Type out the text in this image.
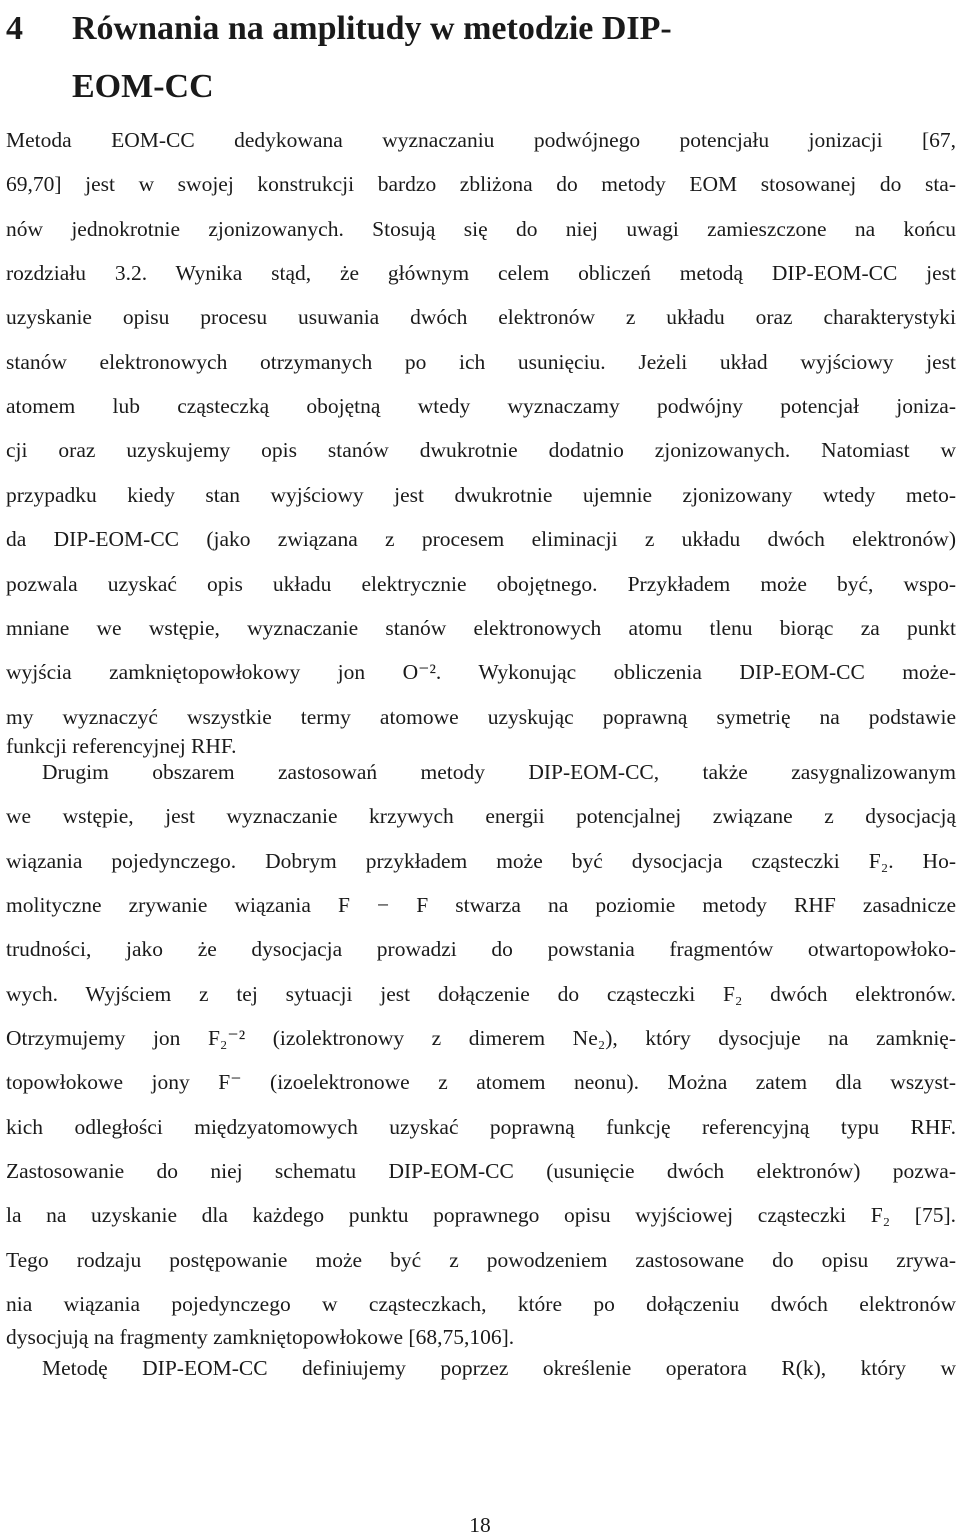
4 Równania na amplitudy w metodzie DIP-
EOM-CC
Metoda EOM-CC dedykowana wyznaczaniu podwójnego potencjału jonizacji [67,
69,70] jest w swojej konstrukcji bardzo zbliżona do metody EOM stosowanej do sta-
nów jednokrotnie zjonizowanych. Stosują się do niej uwagi zamieszczone na końcu
rozdziału 3.2. Wynika stąd, że głównym celem obliczeń metodą DIP-EOM-CC jest
uzyskanie opisu procesu usuwania dwóch elektronów z układu oraz charakterystyki
stanów elektronowych otrzymanych po ich usunięciu. Jeżeli układ wyjściowy jest
atomem lub cząsteczką obojętną wtedy wyznaczamy podwójny potencjał joniza-
cji oraz uzyskujemy opis stanów dwukrotnie dodatnio zjonizowanych. Natomiast w
przypadku kiedy stan wyjściowy jest dwukrotnie ujemnie zjonizowany wtedy meto-
da DIP-EOM-CC (jako związana z procesem eliminacji z układu dwóch elektronów)
pozwala uzyskać opis układu elektrycznie obojętnego. Przykładem może być, wspo-
mniane we wstępie, wyznaczanie stanów elektronowych atomu tlenu biorąc za punkt
wyjścia zamkniętopowłokowy jon O⁻². Wykonując obliczenia DIP-EOM-CC może-
my wyznaczyć wszystkie termy atomowe uzyskując poprawną symetrię na podstawie
funkcji referencyjnej RHF.
Drugim obszarem zastosowań metody DIP-EOM-CC, także zasygnalizowanym
we wstępie, jest wyznaczanie krzywych energii potencjalnej związane z dysocjacją
wiązania pojedynczego. Dobrym przykładem może być dysocjacja cząsteczki F₂. Ho-
molityczne zrywanie wiązania F − F stwarza na poziomie metody RHF zasadnicze
trudności, jako że dysocjacja prowadzi do powstania fragmentów otwartopowłoko-
wych. Wyjściem z tej sytuacji jest dołączenie do cząsteczki F₂ dwóch elektronów.
Otrzymujemy jon F₂⁻² (izolektronowy z dimerem Ne₂), który dysocjuje na zamknię-
topowłokowe jony F⁻ (izoelektronowe z atomem neonu). Można zatem dla wszyst-
kich odległości międzyatomowych uzyskać poprawną funkcję referencyjną typu RHF.
Zastosowanie do niej schematu DIP-EOM-CC (usunięcie dwóch elektronów) pozwa-
la na uzyskanie dla każdego punktu poprawnego opisu wyjściowej cząsteczki F₂ [75].
Tego rodzaju postępowanie może być z powodzeniem zastosowane do opisu zrywa-
nia wiązania pojedynczego w cząsteczkach, które po dołączeniu dwóch elektronów
dysocjują na fragmenty zamkniętopowłokowe [68,75,106].
Metodę DIP-EOM-CC definiujemy poprzez określenie operatora R(k), który w
18
